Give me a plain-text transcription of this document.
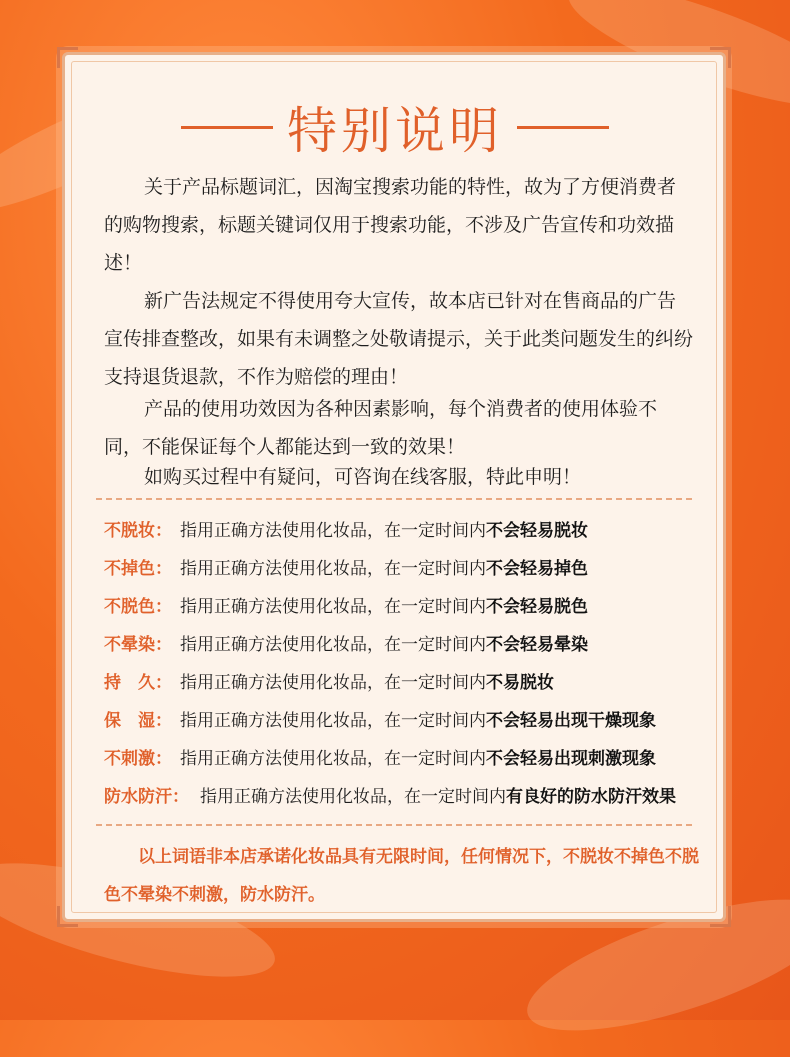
特别说明

关于产品标题词汇，因淘宝搜索功能的特性，故为了方便消费者的购物搜索，标题关键词仅用于搜索功能，不涉及广告宣传和功效描述！

新广告法规定不得使用夸大宣传，故本店已针对在售商品的广告宣传排查整改，如果有未调整之处敬请提示，关于此类问题发生的纠纷支持退货退款，不作为赔偿的理由！

产品的使用功效因为各种因素影响，每个消费者的使用体验不同，不能保证每个人都能达到一致的效果！

如购买过程中有疑问，可咨询在线客服，特此申明！

不脱妆： 指用正确方法使用化妆品，在一定时间内 不会轻易脱妆
不掉色： 指用正确方法使用化妆品，在一定时间内 不会轻易掉色
不脱色： 指用正确方法使用化妆品，在一定时间内 不会轻易脱色
不晕染： 指用正确方法使用化妆品，在一定时间内 不会轻易晕染
持　久： 指用正确方法使用化妆品，在一定时间内 不易脱妆
保　湿： 指用正确方法使用化妆品，在一定时间内 不会轻易出现干燥现象
不刺激： 指用正确方法使用化妆品，在一定时间内 不会轻易出现刺激现象
防水防汗： 指用正确方法使用化妆品，在一定时间内 有良好的防水防汗效果

以上词语非本店承诺化妆品具有无限时间，任何情况下，不脱妆不掉色不脱色不晕染不刺激，防水防汗。
